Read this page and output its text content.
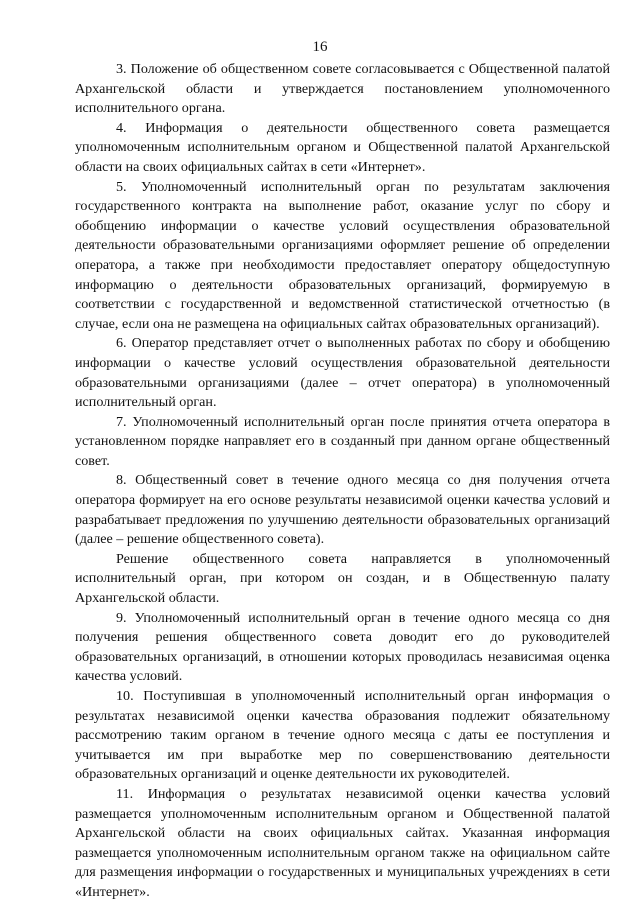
16

3. Положение об общественном совете согласовывается с Общественной палатой Архангельской области и утверждается постановлением уполномоченного исполнительного органа.

4. Информация о деятельности общественного совета размещается уполномоченным исполнительным органом и Общественной палатой Архангельской области на своих официальных сайтах в сети «Интернет».

5. Уполномоченный исполнительный орган по результатам заключения государственного контракта на выполнение работ, оказание услуг по сбору и обобщению информации о качестве условий осуществления образовательной деятельности образовательными организациями оформляет решение об определении оператора, а также при необходимости предоставляет оператору общедоступную информацию о деятельности образовательных организаций, формируемую в соответствии с государственной и ведомственной статистической отчетностью (в случае, если она не размещена на официальных сайтах образовательных организаций).

6. Оператор представляет отчет о выполненных работах по сбору и обобщению информации о качестве условий осуществления образовательной деятельности образовательными организациями (далее – отчет оператора) в уполномоченный исполнительный орган.

7. Уполномоченный исполнительный орган после принятия отчета оператора в установленном порядке направляет его в созданный при данном органе общественный совет.

8. Общественный совет в течение одного месяца со дня получения отчета оператора формирует на его основе результаты независимой оценки качества условий и разрабатывает предложения по улучшению деятельности образовательных организаций (далее – решение общественного совета).

Решение общественного совета направляется в уполномоченный исполнительный орган, при котором он создан, и в Общественную палату Архангельской области.

9. Уполномоченный исполнительный орган в течение одного месяца со дня получения решения общественного совета доводит его до руководителей образовательных организаций, в отношении которых проводилась независимая оценка качества условий.

10. Поступившая в уполномоченный исполнительный орган информация о результатах независимой оценки качества образования подлежит обязательному рассмотрению таким органом в течение одного месяца с даты ее поступления и учитывается им при выработке мер по совершенствованию деятельности образовательных организаций и оценке деятельности их руководителей.

11. Информация о результатах независимой оценки качества условий размещается уполномоченным исполнительным органом и Общественной палатой Архангельской области на своих официальных сайтах. Указанная информация размещается уполномоченным исполнительным органом также на официальном сайте для размещения информации о государственных и муниципальных учреждениях в сети «Интернет».
